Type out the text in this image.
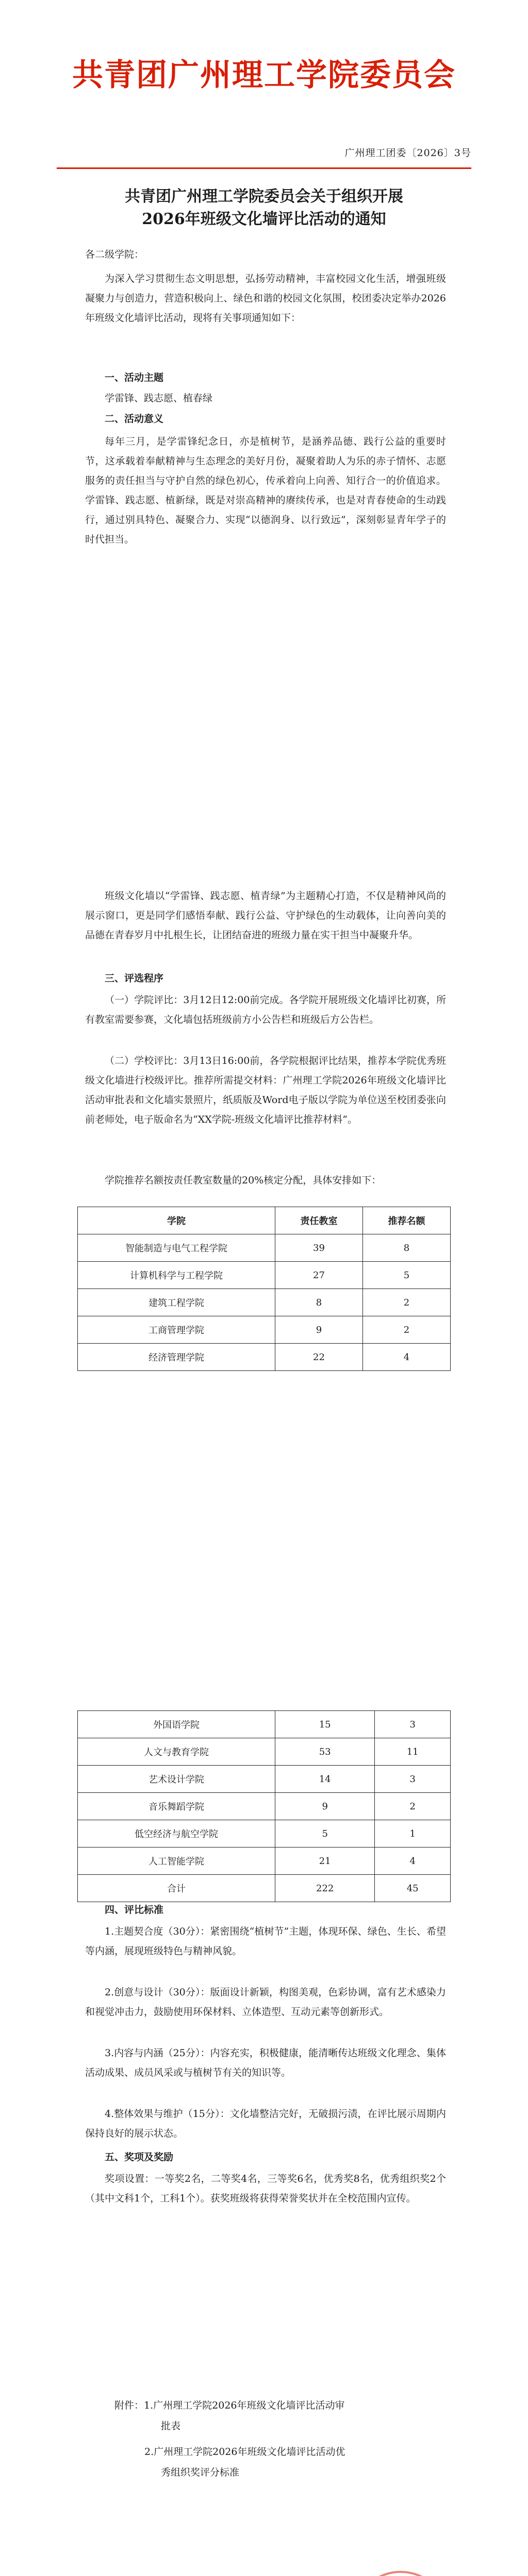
共青团广州理工学院委员会
广州理工团委〔2026〕3号
共青团广州理工学院委员会关于组织开展
2026年班级文化墙评比活动的通知
各二级学院：
为深入学习贯彻生态文明思想，弘扬劳动精神，丰富校园文化生活，增强班级凝聚力与创造力，营造积极向上、绿色和谐的校园文化氛围，校团委决定举办2026年班级文化墙评比活动，现将有关事项通知如下：
一、活动主题
学雷锋、践志愿、植春绿
二、活动意义
每年三月，是学雷锋纪念日，亦是植树节，是涵养品德、践行公益的重要时节，这承载着奉献精神与生态理念的美好月份，凝聚着助人为乐的赤子情怀、志愿服务的责任担当与守护自然的绿色初心，传承着向上向善、知行合一的价值追求。学雷锋、践志愿、植新绿，既是对崇高精神的赓续传承，也是对青春使命的生动践行，通过别具特色、凝聚合力、实现“以德润身、以行致远”，深刻彰显青年学子的时代担当。
班级文化墙以“学雷锋、践志愿、植青绿”为主题精心打造，不仅是精神风尚的展示窗口，更是同学们感悟奉献、践行公益、守护绿色的生动载体，让向善向美的品德在青春岁月中扎根生长，让团结奋进的班级力量在实干担当中凝聚升华。
三、评选程序
（一）学院评比：3月12日12:00前完成。各学院开展班级文化墙评比初赛，所有教室需要参赛，文化墙包括班级前方小公告栏和班级后方公告栏。
（二）学校评比：3月13日16:00前，各学院根据评比结果，推荐本学院优秀班级文化墙进行校级评比。推荐所需提交材料：广州理工学院2026年班级文化墙评比活动审批表和文化墙实景照片，纸质版及Word电子版以学院为单位送至校团委张向前老师处，电子版命名为“XX学院-班级文化墙评比推荐材料”。
学院推荐名额按责任教室数量的20%核定分配，具体安排如下：
学院	责任教室	推荐名额
智能制造与电气工程学院	39	8
计算机科学与工程学院	27	5
建筑工程学院	8	2
工商管理学院	9	2
经济管理学院	22	4
外国语学院	15	3
人文与教育学院	53	11
艺术设计学院	14	3
音乐舞蹈学院	9	2
低空经济与航空学院	5	1
人工智能学院	21	4
合计	222	45
四、评比标准
1.主题契合度（30分）：紧密围绕“植树节”主题，体现环保、绿色、生长、希望等内涵，展现班级特色与精神风貌。
2.创意与设计（30分）：版面设计新颖，构图美观，色彩协调，富有艺术感染力和视觉冲击力，鼓励使用环保材料、立体造型、互动元素等创新形式。
3.内容与内涵（25分）：内容充实，积极健康，能清晰传达班级文化理念、集体活动成果、成员风采或与植树节有关的知识等。
4.整体效果与维护（15分）：文化墙整洁完好，无破损污渍，在评比展示周期内保持良好的展示状态。
五、奖项及奖励
奖项设置：一等奖2名，二等奖4名，三等奖6名，优秀奖8名，优秀组织奖2个（其中文科1个，工科1个）。获奖班级将获得荣誉奖状并在全校范围内宣传。
附件：1.广州理工学院2026年班级文化墙评比活动审
批表
2.广州理工学院2026年班级文化墙评比活动优
秀组织奖评分标准
